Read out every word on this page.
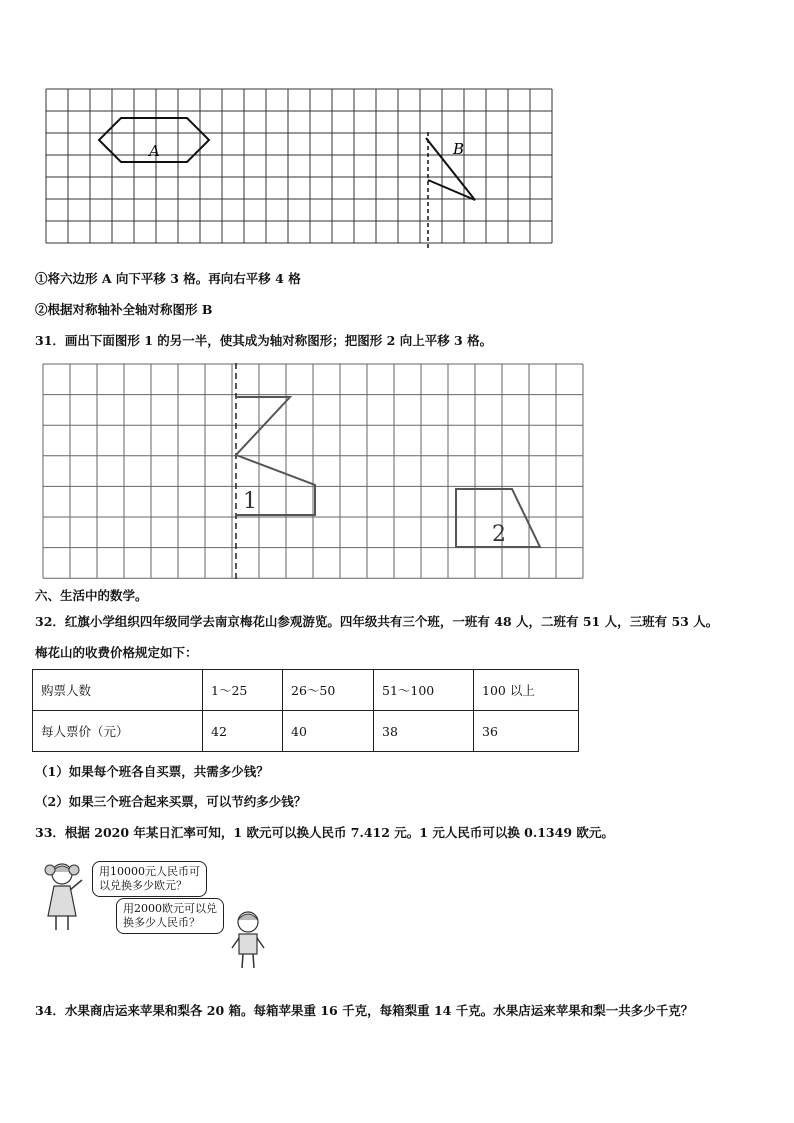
A	B
①将六边形 A 向下平移 3 格。再向右平移 4 格
②根据对称轴补全轴对称图形 B
31．画出下面图形 1 的另一半，使其成为轴对称图形；把图形 2 向上平移 3 格。
1
2
六、生活中的数学。
32．红旗小学组织四年级同学去南京梅花山参观游览。四年级共有三个班，一班有 48 人，二班有 51 人，三班有 53 人。
梅花山的收费价格规定如下：
购票人数	1～25	26～50	51～100	100 以上
每人票价（元）	42	40	38	36
（1）如果每个班各自买票，共需多少钱？
（2）如果三个班合起来买票，可以节约多少钱？
33．根据 2020 年某日汇率可知，1 欧元可以换人民币 7.412 元。1 元人民币可以换 0.1349 欧元。
用10000元人民币可
以兑换多少欧元？
用2000欧元可以兑
换多少人民币？
34．水果商店运来苹果和梨各 20 箱。每箱苹果重 16 千克，每箱梨重 14 千克。水果店运来苹果和梨一共多少千克？
